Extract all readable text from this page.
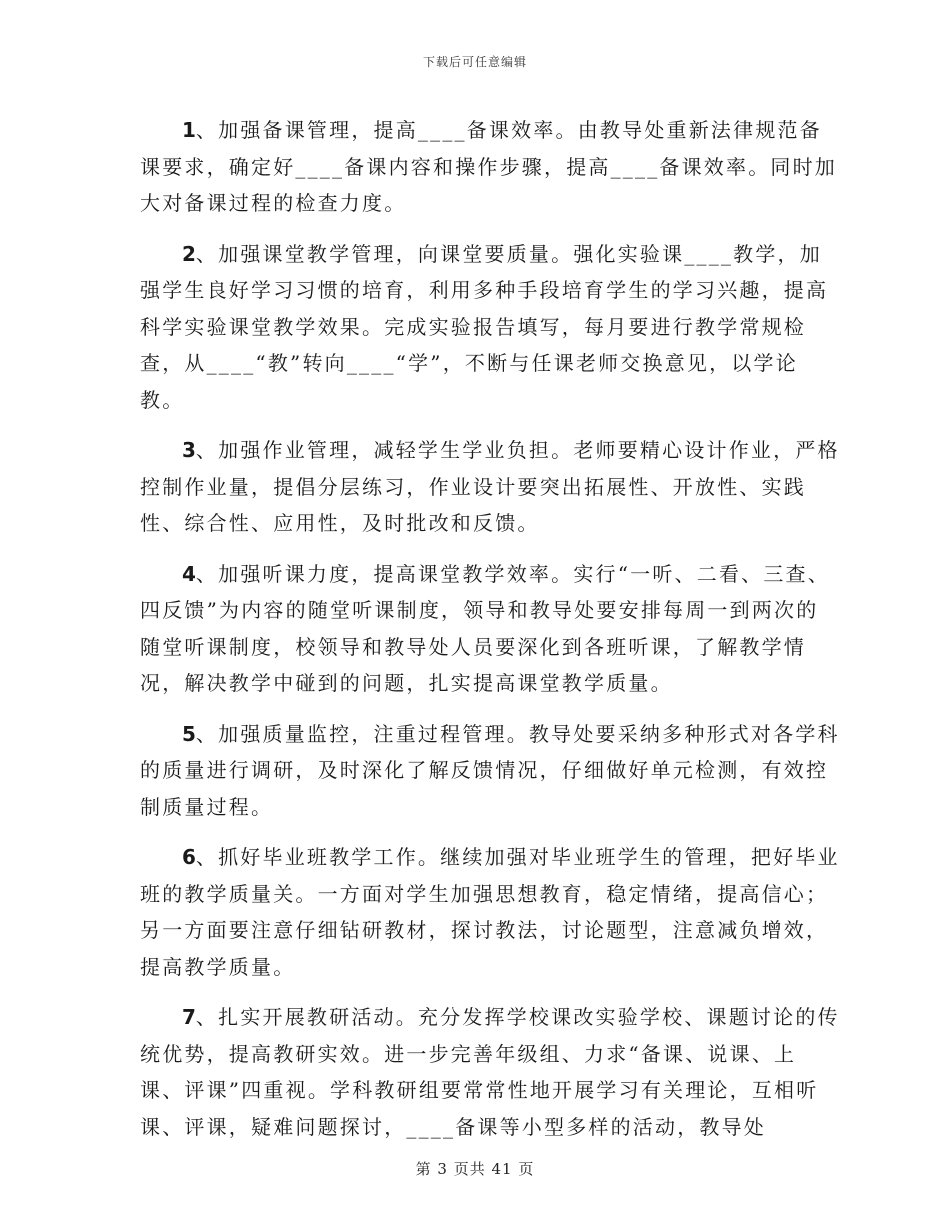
下载后可任意编辑

1、加强备课管理，提高____备课效率。由教导处重新法律规范备课要求，确定好____备课内容和操作步骤，提高____备课效率。同时加大对备课过程的检查力度。

2、加强课堂教学管理，向课堂要质量。强化实验课____教学，加强学生良好学习习惯的培育，利用多种手段培育学生的学习兴趣，提高科学实验课堂教学效果。完成实验报告填写，每月要进行教学常规检查，从____“教”转向____“学”，不断与任课老师交换意见，以学论教。

3、加强作业管理，减轻学生学业负担。老师要精心设计作业，严格控制作业量，提倡分层练习，作业设计要突出拓展性、开放性、实践性、综合性、应用性，及时批改和反馈。

4、加强听课力度，提高课堂教学效率。实行“一听、二看、三查、四反馈”为内容的随堂听课制度，领导和教导处要安排每周一到两次的随堂听课制度，校领导和教导处人员要深化到各班听课，了解教学情况，解决教学中碰到的问题，扎实提高课堂教学质量。

5、加强质量监控，注重过程管理。教导处要采纳多种形式对各学科的质量进行调研，及时深化了解反馈情况，仔细做好单元检测，有效控制质量过程。

6、抓好毕业班教学工作。继续加强对毕业班学生的管理，把好毕业班的教学质量关。一方面对学生加强思想教育，稳定情绪，提高信心；另一方面要注意仔细钻研教材，探讨教法，讨论题型，注意减负增效，提高教学质量。

7、扎实开展教研活动。充分发挥学校课改实验学校、课题讨论的传统优势，提高教研实效。进一步完善年级组、力求“备课、说课、上课、评课”四重视。学科教研组要常常性地开展学习有关理论，互相听课、评课，疑难问题探讨，____备课等小型多样的活动，教导处

第 3 页共 41 页
